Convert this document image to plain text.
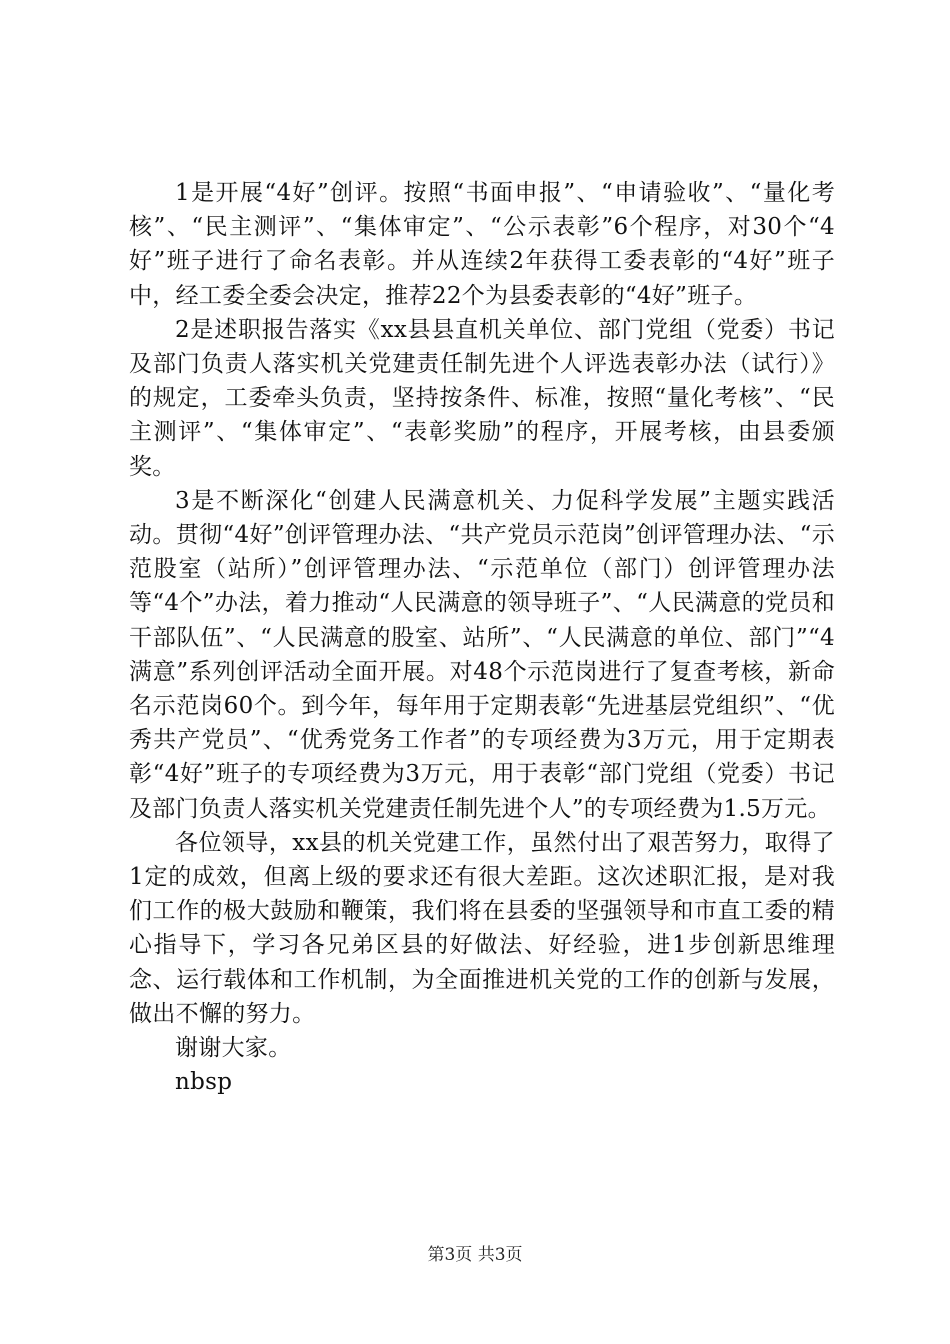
1是开展“4好”创评。按照“书面申报”、“申请验收”、“量化考核”、“民主测评”、“集体审定”、“公示表彰”6个程序，对30个“4好”班子进行了命名表彰。并从连续2年获得工委表彰的“4好”班子中，经工委全委会决定，推荐22个为县委表彰的“4好”班子。

2是述职报告落实《xx县县直机关单位、部门党组（党委）书记及部门负责人落实机关党建责任制先进个人评选表彰办法（试行）》的规定，工委牵头负责，坚持按条件、标准，按照“量化考核”、“民主测评”、“集体审定”、“表彰奖励”的程序，开展考核，由县委颁奖。

3是不断深化“创建人民满意机关、力促科学发展”主题实践活动。贯彻“4好”创评管理办法、“共产党员示范岗”创评管理办法、“示范股室（站所）”创评管理办法、“示范单位（部门）创评管理办法等“4个”办法，着力推动“人民满意的领导班子”、“人民满意的党员和干部队伍”、“人民满意的股室、站所”、“人民满意的单位、部门”“4满意”系列创评活动全面开展。对48个示范岗进行了复查考核，新命名示范岗60个。到今年，每年用于定期表彰“先进基层党组织”、“优秀共产党员”、“优秀党务工作者”的专项经费为3万元，用于定期表彰“4好”班子的专项经费为3万元，用于表彰“部门党组（党委）书记及部门负责人落实机关党建责任制先进个人”的专项经费为1.5万元。

各位领导，xx县的机关党建工作，虽然付出了艰苦努力，取得了1定的成效，但离上级的要求还有很大差距。这次述职汇报，是对我们工作的极大鼓励和鞭策，我们将在县委的坚强领导和市直工委的精心指导下，学习各兄弟区县的好做法、好经验，进1步创新思维理念、运行载体和工作机制，为全面推进机关党的工作的创新与发展，做出不懈的努力。

谢谢大家。

nbsp

第3页 共3页
